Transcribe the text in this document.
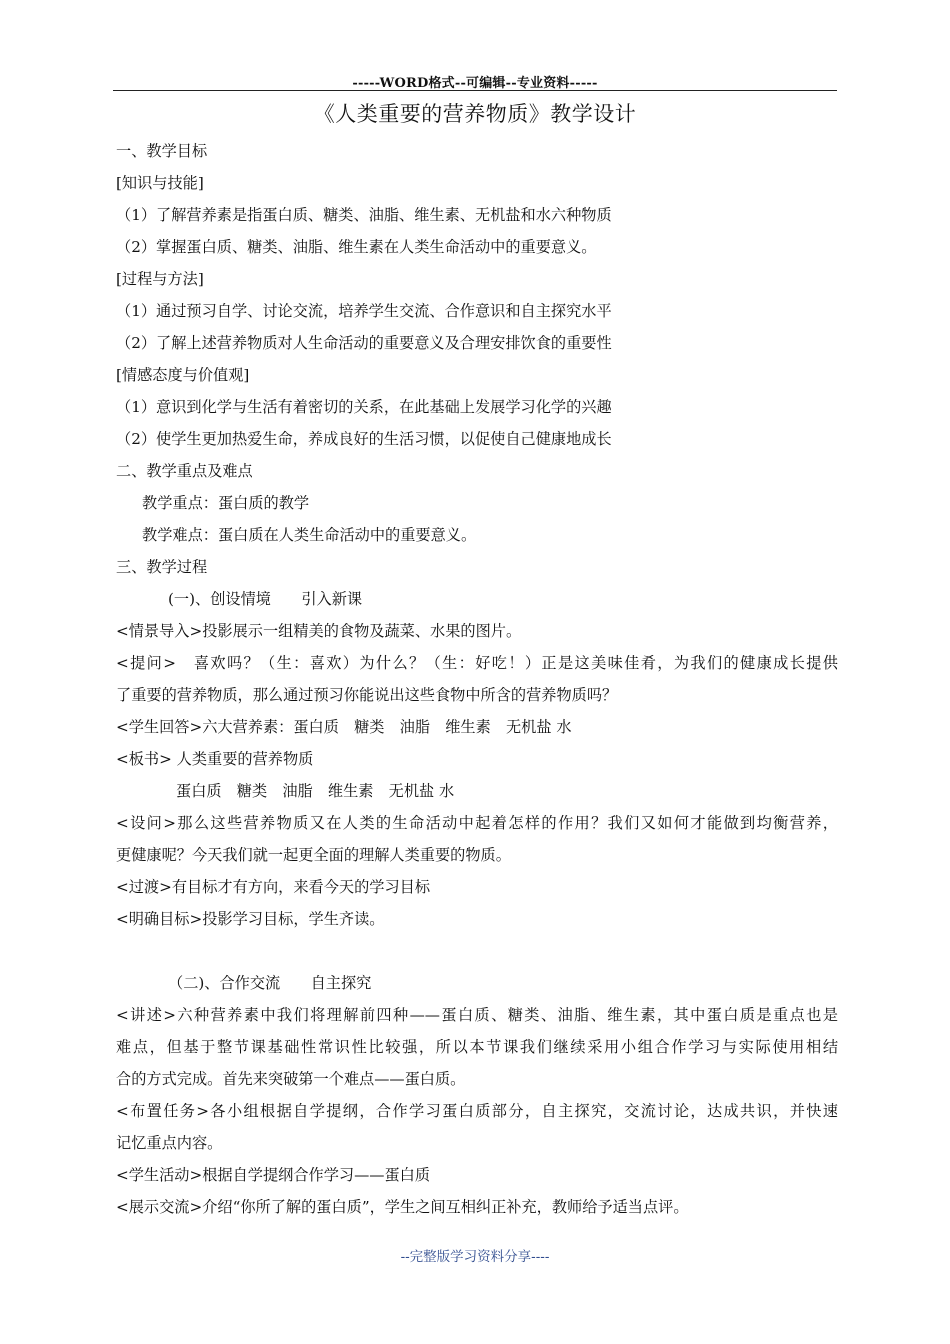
-----WORD格式--可编辑--专业资料-----
《人类重要的营养物质》教学设计
一、教学目标
[知识与技能]
（1）了解营养素是指蛋白质、糖类、油脂、维生素、无机盐和水六种物质
（2）掌握蛋白质、糖类、油脂、维生素在人类生命活动中的重要意义。
[过程与方法]
（1）通过预习自学、讨论交流，培养学生交流、合作意识和自主探究水平
（2）了解上述营养物质对人生命活动的重要意义及合理安排饮食的重要性
[情感态度与价值观]
（1）意识到化学与生活有着密切的关系，在此基础上发展学习化学的兴趣
（2）使学生更加热爱生命，养成良好的生活习惯，以促使自己健康地成长
二、教学重点及难点
教学重点：蛋白质的教学
教学难点：蛋白质在人类生命活动中的重要意义。
三、教学过程
(一)、创设情境　　引入新课
<情景导入>投影展示一组精美的食物及蔬菜、水果的图片。
<提问>　喜欢吗？（生：喜欢）为什么？（生：好吃！）正是这美味佳肴，为我们的健康成长提供
了重要的营养物质，那么通过预习你能说出这些食物中所含的营养物质吗？
<学生回答>六大营养素：蛋白质　糖类　油脂　维生素　无机盐 水
<板书> 人类重要的营养物质
蛋白质　糖类　油脂　维生素　无机盐 水
<设问>那么这些营养物质又在人类的生命活动中起着怎样的作用？我们又如何才能做到均衡营养，
更健康呢？今天我们就一起更全面的理解人类重要的物质。
<过渡>有目标才有方向，来看今天的学习目标
<明确目标>投影学习目标，学生齐读。
（二)、合作交流　　自主探究
<讲述>六种营养素中我们将理解前四种——蛋白质、糖类、油脂、维生素，其中蛋白质是重点也是
难点，但基于整节课基础性常识性比较强，所以本节课我们继续采用小组合作学习与实际使用相结
合的方式完成。首先来突破第一个难点——蛋白质。
<布置任务>各小组根据自学提纲，合作学习蛋白质部分，自主探究，交流讨论，达成共识，并快速
记忆重点内容。
<学生活动>根据自学提纲合作学习——蛋白质
<展示交流>介绍“你所了解的蛋白质”，学生之间互相纠正补充，教师给予适当点评。
--完整版学习资料分享----
